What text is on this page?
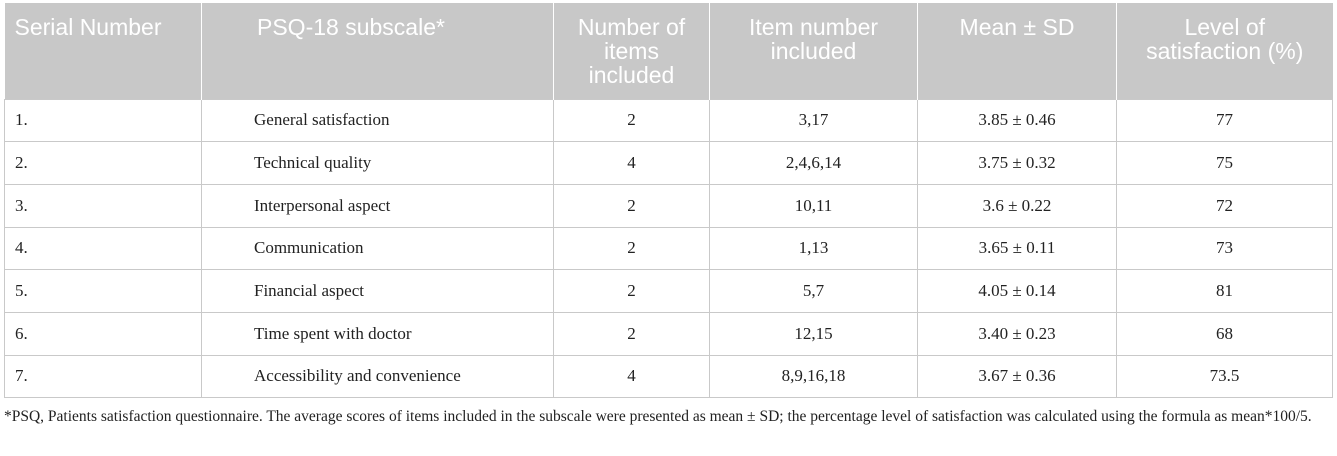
Serial Number	PSQ-18 subscale*	Number of items included	Item number included	Mean ± SD	Level of satisfaction (%)
1.	General satisfaction	2	3,17	3.85 ± 0.46	77
2.	Technical quality	4	2,4,6,14	3.75 ± 0.32	75
3.	Interpersonal aspect	2	10,11	3.6 ± 0.22	72
4.	Communication	2	1,13	3.65 ± 0.11	73
5.	Financial aspect	2	5,7	4.05 ± 0.14	81
6.	Time spent with doctor	2	12,15	3.40 ± 0.23	68
7.	Accessibility and convenience	4	8,9,16,18	3.67 ± 0.36	73.5
*PSQ, Patients satisfaction questionnaire. The average scores of items included in the subscale were presented as mean ± SD; the percentage level of satisfaction was calculated using the formula as mean*100/5.
